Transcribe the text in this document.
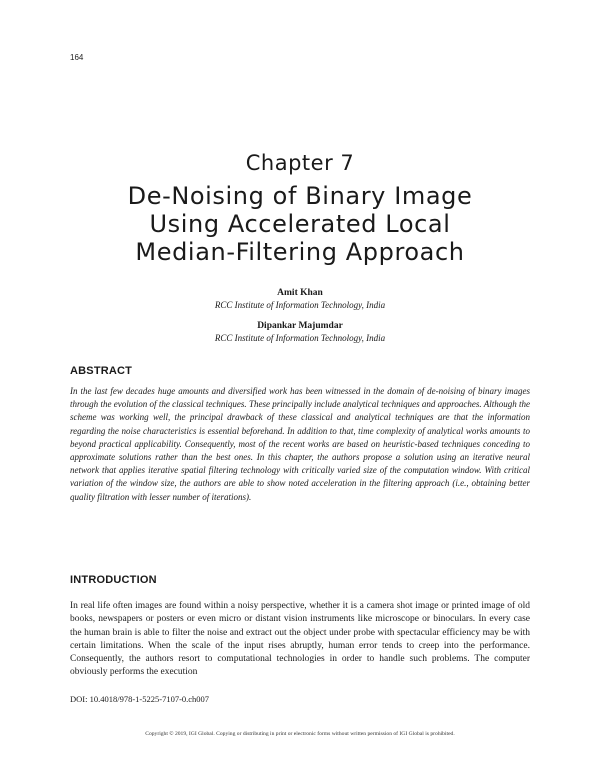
164
Chapter 7
De-Noising of Binary Image
Using Accelerated Local
Median-Filtering Approach
Amit Khan
RCC Institute of Information Technology, India
Dipankar Majumdar
RCC Institute of Information Technology, India
ABSTRACT
In the last few decades huge amounts and diversified work has been witnessed in the domain of de-noising of binary images through the evolution of the classical techniques. These principally include analytical techniques and approaches. Although the scheme was working well, the principal drawback of these classical and analytical techniques are that the information regarding the noise characteristics is essential beforehand. In addition to that, time complexity of analytical works amounts to beyond practical applicability. Consequently, most of the recent works are based on heuristic-based techniques conceding to approximate solutions rather than the best ones. In this chapter, the authors propose a solution using an iterative neural network that applies iterative spatial filtering technology with critically varied size of the computation window. With critical variation of the window size, the authors are able to show noted acceleration in the filtering approach (i.e., obtaining better quality filtration with lesser number of iterations).
INTRODUCTION
In real life often images are found within a noisy perspective, whether it is a camera shot image or printed image of old books, newspapers or posters or even micro or distant vision instruments like microscope or binoculars. In every case the human brain is able to filter the noise and extract out the object under probe with spectacular efficiency may be with certain limitations. When the scale of the input rises abruptly, human error tends to creep into the performance. Consequently, the authors resort to computational technologies in order to handle such problems. The computer obviously performs the execution
DOI: 10.4018/978-1-5225-7107-0.ch007
Copyright © 2019, IGI Global. Copying or distributing in print or electronic forms without written permission of IGI Global is prohibited.
